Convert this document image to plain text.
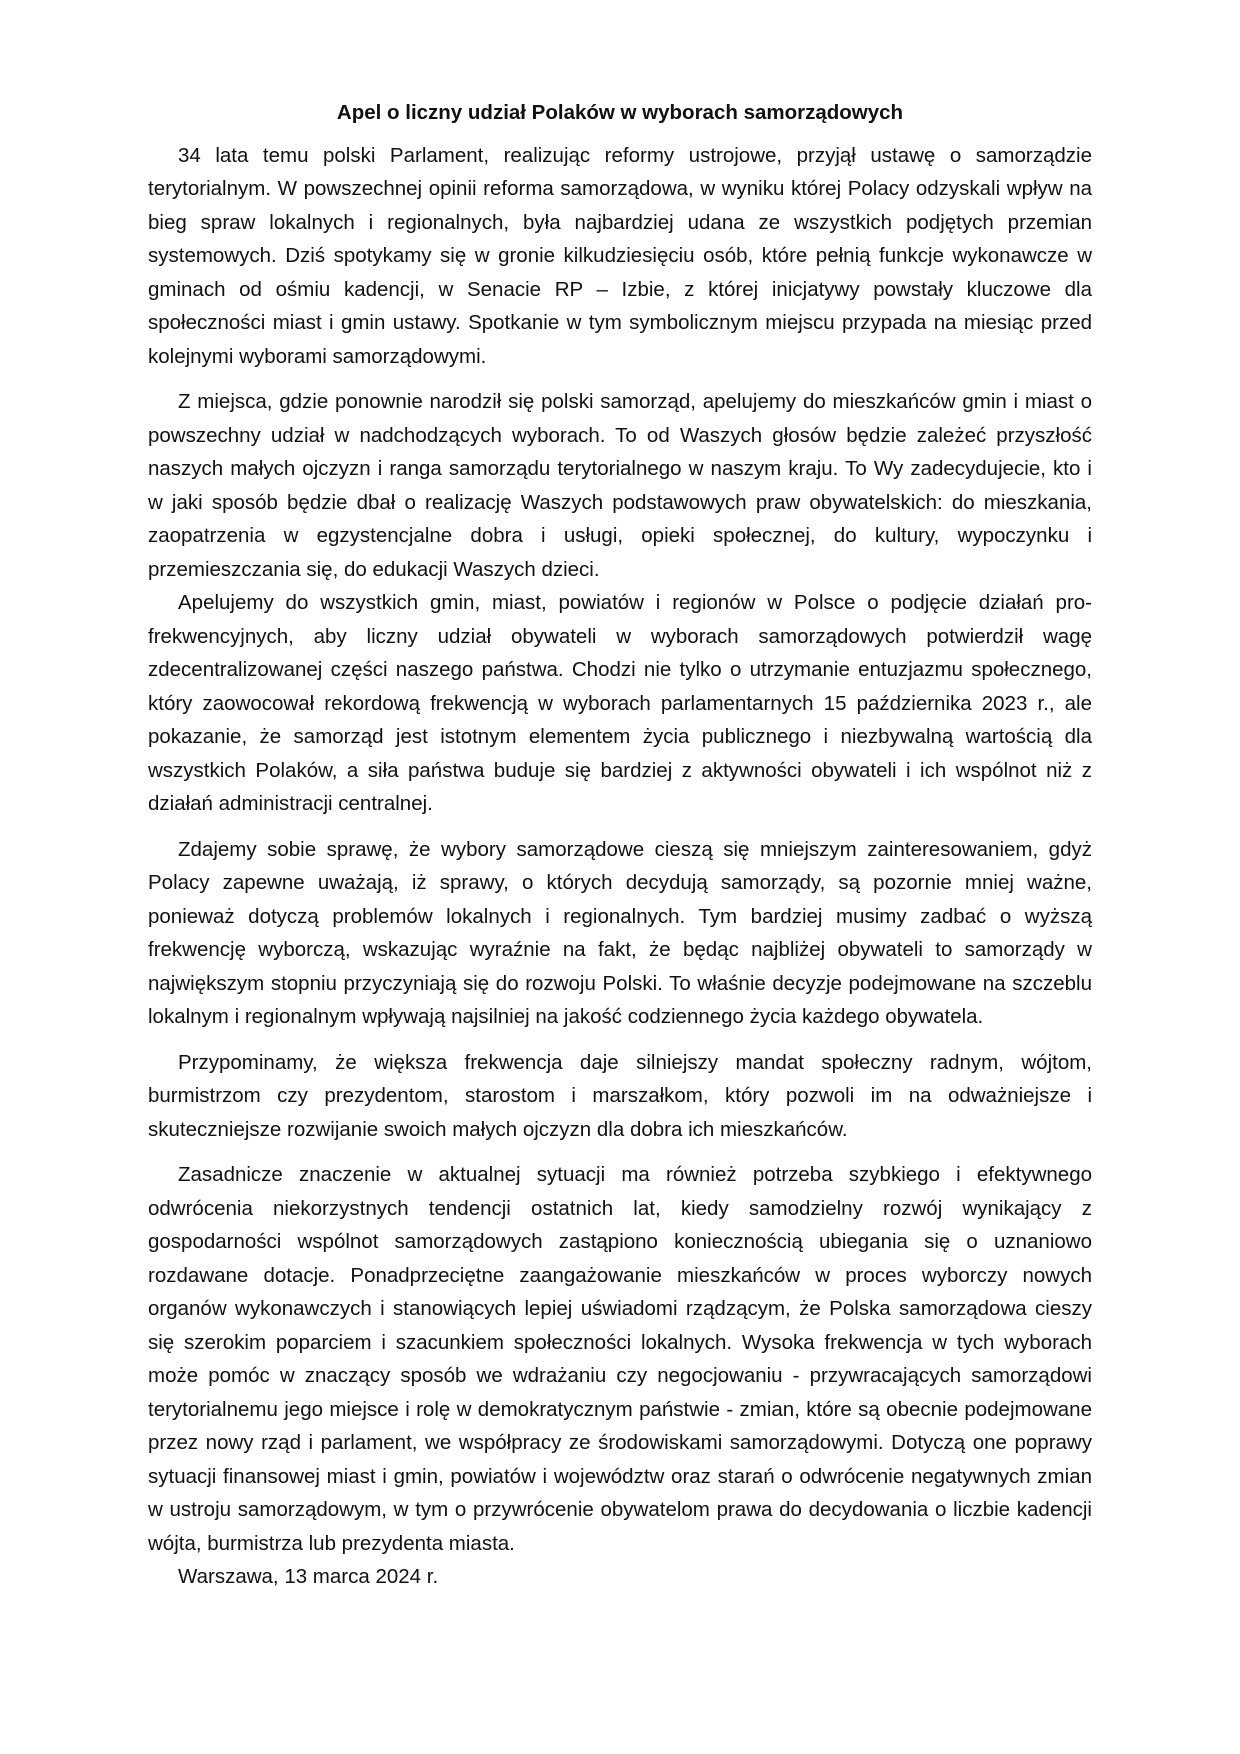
Apel o liczny udział Polaków w wyborach samorządowych

34 lata temu polski Parlament, realizując reformy ustrojowe, przyjął ustawę o samorządzie terytorialnym. W powszechnej opinii reforma samorządowa, w wyniku której Polacy odzyskali wpływ na bieg spraw lokalnych i regionalnych, była najbardziej udana ze wszystkich podjętych przemian systemowych. Dziś spotykamy się w gronie kilkudziesięciu osób, które pełnią funkcje wykonawcze w gminach od ośmiu kadencji, w Senacie RP – Izbie, z której inicjatywy powstały kluczowe dla społeczności miast i gmin ustawy. Spotkanie w tym symbolicznym miejscu przypada na miesiąc przed kolejnymi wyborami samorządowymi.

Z miejsca, gdzie ponownie narodził się polski samorząd, apelujemy do mieszkańców gmin i miast o powszechny udział w nadchodzących wyborach. To od Waszych głosów będzie zależeć przyszłość naszych małych ojczyzn i ranga samorządu terytorialnego w naszym kraju. To Wy zadecydujecie, kto i w jaki sposób będzie dbał o realizację Waszych podstawowych praw obywatelskich: do mieszkania, zaopatrzenia w egzystencjalne dobra i usługi, opieki społecznej, do kultury, wypoczynku i przemieszczania się, do edukacji Waszych dzieci.

Apelujemy do wszystkich gmin, miast, powiatów i regionów w Polsce o podjęcie działań pro-frekwencyjnych, aby liczny udział obywateli w wyborach samorządowych potwierdził wagę zdecentralizowanej części naszego państwa. Chodzi nie tylko o utrzymanie entuzjazmu społecznego, który zaowocował rekordową frekwencją w wyborach parlamentarnych 15 października 2023 r., ale pokazanie, że samorząd jest istotnym elementem życia publicznego i niezbywalną wartością dla wszystkich Polaków, a siła państwa buduje się bardziej z aktywności obywateli i ich wspólnot niż z działań administracji centralnej.

Zdajemy sobie sprawę, że wybory samorządowe cieszą się mniejszym zainteresowaniem, gdyż Polacy zapewne uważają, iż sprawy, o których decydują samorządy, są pozornie mniej ważne, ponieważ dotyczą problemów lokalnych i regionalnych. Tym bardziej musimy zadbać o wyższą frekwencję wyborczą, wskazując wyraźnie na fakt, że będąc najbliżej obywateli to samorządy w największym stopniu przyczyniają się do rozwoju Polski. To właśnie decyzje podejmowane na szczeblu lokalnym i regionalnym wpływają najsilniej na jakość codziennego życia każdego obywatela.

Przypominamy, że większa frekwencja daje silniejszy mandat społeczny radnym, wójtom, burmistrzom czy prezydentom, starostom i marszałkom, który pozwoli im na odważniejsze i skuteczniejsze rozwijanie swoich małych ojczyzn dla dobra ich mieszkańców.

Zasadnicze znaczenie w aktualnej sytuacji ma również potrzeba szybkiego i efektywnego odwrócenia niekorzystnych tendencji ostatnich lat, kiedy samodzielny rozwój wynikający z gospodarności wspólnot samorządowych zastąpiono koniecznością ubiegania się o uznaniowo rozdawane dotacje. Ponadprzeciętne zaangażowanie mieszkańców w proces wyborczy nowych organów wykonawczych i stanowiących lepiej uświadomi rządzącym, że Polska samorządowa cieszy się szerokim poparciem i szacunkiem społeczności lokalnych. Wysoka frekwencja w tych wyborach może pomóc w znaczący sposób we wdrażaniu czy negocjowaniu - przywracających samorządowi terytorialnemu jego miejsce i rolę w demokratycznym państwie - zmian, które są obecnie podejmowane przez nowy rząd i parlament, we współpracy ze środowiskami samorządowymi. Dotyczą one poprawy sytuacji finansowej miast i gmin, powiatów i województw oraz starań o odwrócenie negatywnych zmian w ustroju samorządowym, w tym o przywrócenie obywatelom prawa do decydowania o liczbie kadencji wójta, burmistrza lub prezydenta miasta.

Warszawa, 13 marca 2024 r.
